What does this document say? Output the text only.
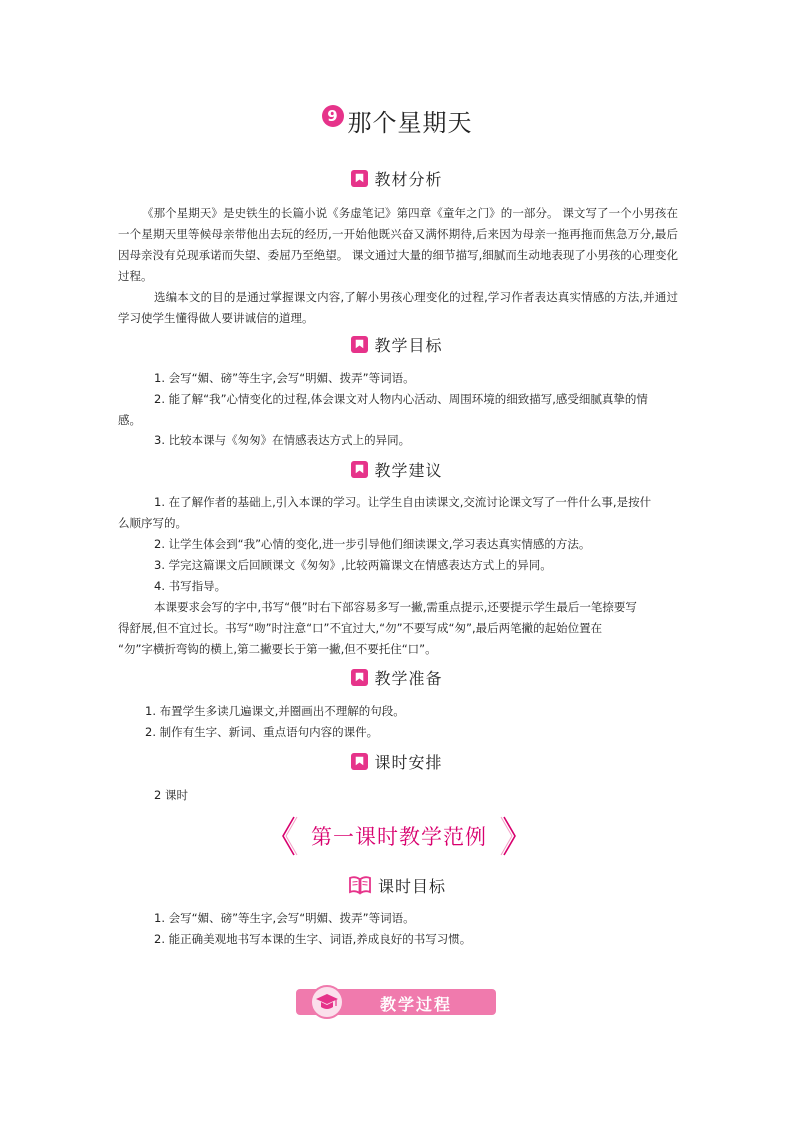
9 那个星期天
教材分析
《那个星期天》是史铁生的长篇小说《务虚笔记》第四章《童年之门》的一部分。 课文写了一个小男孩在一个星期天里等候母亲带他出去玩的经历,一开始他既兴奋又满怀期待,后来因为母亲一拖再拖而焦急万分,最后因母亲没有兑现承诺而失望、委屈乃至绝望。 课文通过大量的细节描写,细腻而生动地表现了小男孩的心理变化过程。
选编本文的目的是通过掌握课文内容,了解小男孩心理变化的过程,学习作者表达真实情感的方法,并通过学习使学生懂得做人要讲诚信的道理。
教学目标
1. 会写“媚、磅”等生字,会写“明媚、拨弄”等词语。
2. 能了解“我”心情变化的过程,体会课文对人物内心活动、周围环境的细致描写,感受细腻真挚的情
感。
3. 比较本课与《匆匆》在情感表达方式上的异同。
教学建议
1. 在了解作者的基础上,引入本课的学习。让学生自由读课文,交流讨论课文写了一件什么事,是按什
么顺序写的。
2. 让学生体会到“我”心情的变化,进一步引导他们细读课文,学习表达真实情感的方法。
3. 学完这篇课文后回顾课文《匆匆》,比较两篇课文在情感表达方式上的异同。
4. 书写指导。
本课要求会写的字中,书写“偎”时右下部容易多写一撇,需重点提示,还要提示学生最后一笔捺要写
得舒展,但不宜过长。书写“吻”时注意“口”不宜过大,“勿”不要写成“匆”,最后两笔撇的起始位置在
“勿”字横折弯钩的横上,第二撇要长于第一撇,但不要托住“口”。
教学准备
1. 布置学生多读几遍课文,并圈画出不理解的句段。
2. 制作有生字、新词、重点语句内容的课件。
课时安排
2 课时
第一课时教学范例
课时目标
1. 会写“媚、磅”等生字,会写“明媚、拨弄”等词语。
2. 能正确美观地书写本课的生字、词语,养成良好的书写习惯。
教学过程
